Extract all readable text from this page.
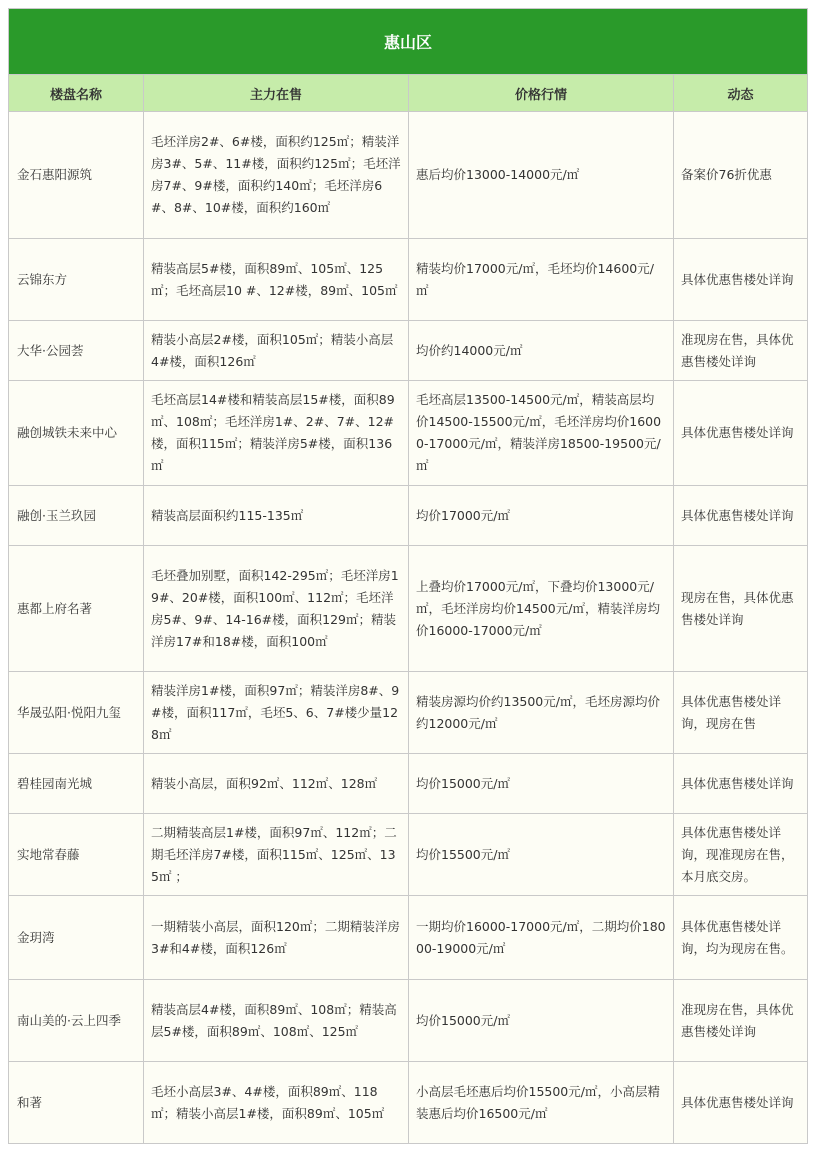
惠山区			
楼盘名称	主力在售	价格行情	动态
金石惠阳源筑	毛坯洋房2#、6#楼，面积约125㎡；精装洋房3#、5#、11#楼，面积约125㎡；毛坯洋房7#、9#楼，面积约140㎡；毛坯洋房6#、8#、10#楼，面积约160㎡	惠后均价13000-14000元/㎡	备案价76折优惠
云锦东方	精装高层5#楼，面积89㎡、105㎡、125㎡；毛坯高层10 #、12#楼，89㎡、105㎡	精装均价17000元/㎡，毛坯均价14600元/㎡	具体优惠售楼处详询
大华·公园荟	精装小高层2#楼，面积105㎡；精装小高层4#楼，面积126㎡	均价约14000元/㎡	准现房在售，具体优惠售楼处详询
融创城铁未来中心	毛坯高层14#楼和精装高层15#楼，面积89㎡、108㎡；毛坯洋房1#、2#、7#、12#楼，面积115㎡；精装洋房5#楼，面积136㎡	毛坯高层13500-14500元/㎡，精装高层均价14500-15500元/㎡，毛坯洋房均价16000-17000元/㎡，精装洋房18500-19500元/㎡	具体优惠售楼处详询
融创·玉兰玖园	精装高层面积约115-135㎡	均价17000元/㎡	具体优惠售楼处详询
惠都上府名著	毛坯叠加别墅，面积142-295㎡；毛坯洋房19#、20#楼，面积100㎡、112㎡；毛坯洋房5#、9#、14-16#楼，面积129㎡；精装洋房17#和18#楼，面积100㎡	上叠均价17000元/㎡，下叠均价13000元/㎡，毛坯洋房均价14500元/㎡，精装洋房均价16000-17000元/㎡	现房在售，具体优惠售楼处详询
华晟弘阳·悦阳九玺	精装洋房1#楼，面积97㎡；精装洋房8#、9#楼，面积117㎡，毛坯5、6、7#楼少量128㎡	精装房源均价约13500元/㎡，毛坯房源均价约12000元/㎡	具体优惠售楼处详询，现房在售
碧桂园南光城	精装小高层，面积92㎡、112㎡、128㎡	均价15000元/㎡	具体优惠售楼处详询
实地常春藤	二期精装高层1#楼，面积97㎡、112㎡；二期毛坯洋房7#楼，面积115㎡、125㎡、135㎡ ；	均价15500元/㎡	具体优惠售楼处详询，现准现房在售，本月底交房。
金玥湾	一期精装小高层，面积120㎡；二期精装洋房3#和4#楼，面积126㎡	一期均价16000-17000元/㎡，二期均价18000-19000元/㎡	具体优惠售楼处详询，均为现房在售。
南山美的·云上四季	精装高层4#楼，面积89㎡、108㎡；精装高层5#楼，面积89㎡、108㎡、125㎡	均价15000元/㎡	准现房在售，具体优惠售楼处详询
和著	毛坯小高层3#、4#楼，面积89㎡、118㎡；精装小高层1#楼，面积89㎡、105㎡	小高层毛坯惠后均价15500元/㎡，小高层精装惠后均价16500元/㎡	具体优惠售楼处详询
